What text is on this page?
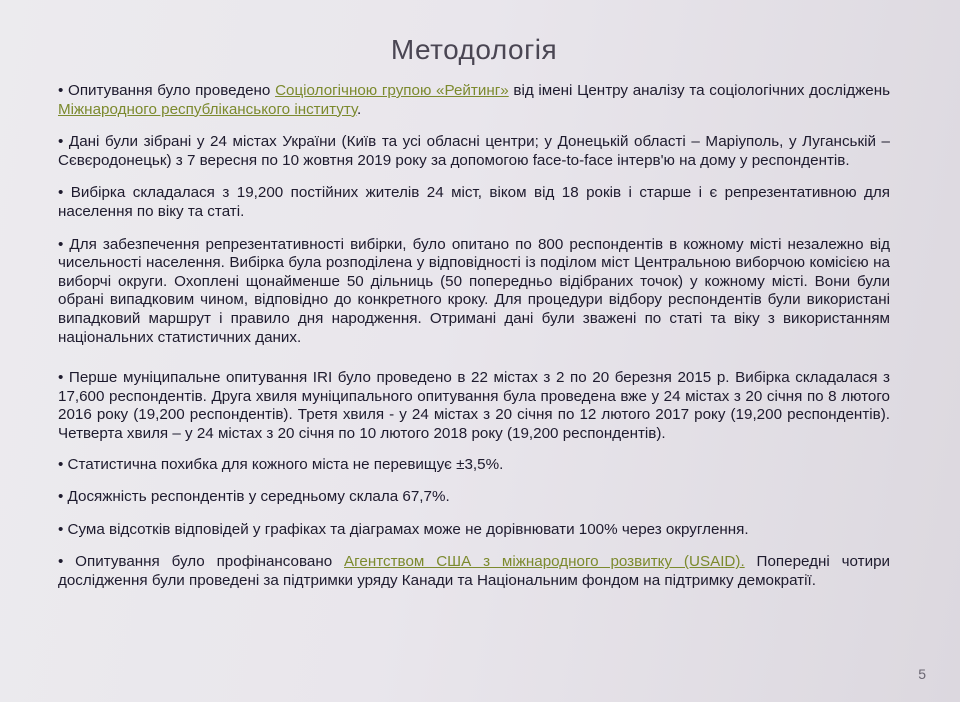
Методологія

• Опитування було проведено Соціологічною групою «Рейтинг» від імені Центру аналізу та соціологічних досліджень Міжнародного республіканського інституту.

• Дані були зібрані у 24 містах України (Київ та усі обласні центри; у Донецькій області – Маріуполь, у Луганській – Сєвєродонецьк) з 7 вересня по 10 жовтня 2019 року за допомогою face-to-face інтерв'ю на дому у респондентів.

• Вибірка складалася з 19,200 постійних жителів 24 міст, віком від 18 років і старше і є репрезентативною для населення по віку та статі.

• Для забезпечення репрезентативності вибірки, було опитано по 800 респондентів в кожному місті незалежно від чисельності населення. Вибірка була розподілена у відповідності із поділом міст Центральною виборчою комісією на виборчі округи. Охоплені щонайменше 50 дільниць (50 попередньо відібраних точок) у кожному місті. Вони були обрані випадковим чином, відповідно до конкретного кроку. Для процедури відбору респондентів були використані випадковий маршрут і правило дня народження. Отримані дані були зважені по статі та віку з використанням національних статистичних даних.

• Перше муніципальне опитування IRI було проведено в 22 містах з 2 по 20 березня 2015 р. Вибірка складалася з 17,600 респондентів. Друга хвиля муніципального опитування була проведена вже у 24 містах з 20 січня по 8 лютого 2016 року (19,200 респондентів). Третя хвиля - у 24 містах з 20 січня по 12 лютого 2017 року (19,200 респондентів). Четверта хвиля – у 24 містах з 20 січня по 10 лютого 2018 року (19,200 респондентів).

• Статистична похибка для кожного міста не перевищує ±3,5%.

• Досяжність респондентів у середньому склала 67,7%.

• Сума відсотків відповідей у графіках та діаграмах може не дорівнювати 100% через округлення.

• Опитування було профінансовано Агентством США з міжнародного розвитку (USAID). Попередні чотири дослідження були проведені за підтримки уряду Канади та Національним фондом на підтримку демократії.

5
